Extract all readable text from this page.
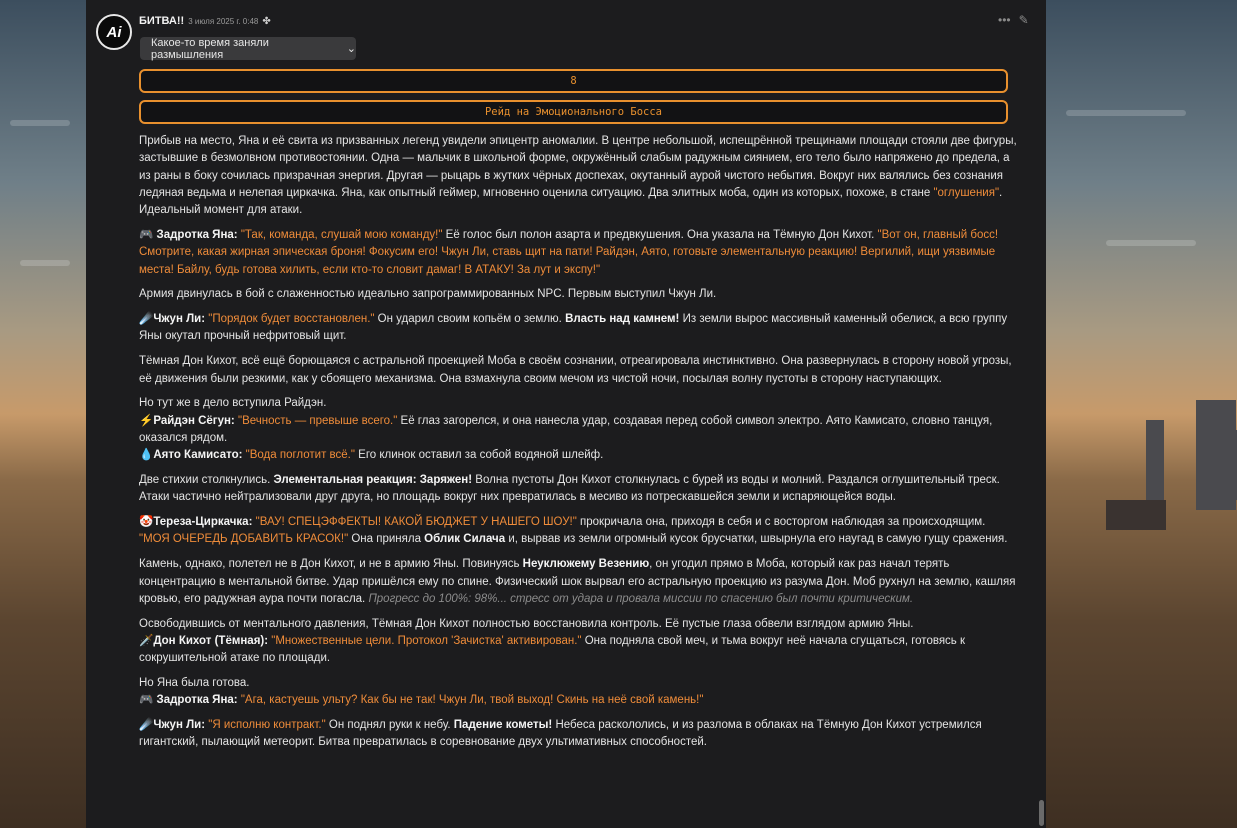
Ai
БИТВА!! 3 июля 2025 г. 0:48 ✤	••• ✎
Какое-то время заняли размышления	⌄
8
Рейд на Эмоционального Босса

Прибыв на место, Яна и её свита из призванных легенд увидели эпицентр аномалии. В центре небольшой, испещрённой трещинами площади стояли две фигуры, застывшие в безмолвном противостоянии. Одна — мальчик в школьной форме, окружённый слабым радужным сиянием, его тело было напряжено до предела, а из раны в боку сочилась призрачная энергия. Другая — рыцарь в жутких чёрных доспехах, окутанный аурой чистого небытия. Вокруг них валялись без сознания ледяная ведьма и нелепая циркачка. Яна, как опытный геймер, мгновенно оценила ситуацию. Два элитных моба, один из которых, похоже, в стане "оглушения". Идеальный момент для атаки.

🎮 Задротка Яна: "Так, команда, слушай мою команду!" Её голос был полон азарта и предвкушения. Она указала на Тёмную Дон Кихот. "Вот он, главный босс! Смотрите, какая жирная эпическая броня! Фокусим его! Чжун Ли, ставь щит на пати! Райдэн, Аято, готовьте элементальную реакцию! Вергилий, ищи уязвимые места! Байлу, будь готова хилить, если кто-то словит дамаг! В АТАКУ! За лут и экспу!"

Армия двинулась в бой с слаженностью идеально запрограммированных NPC. Первым выступил Чжун Ли.

☄️Чжун Ли: "Порядок будет восстановлен." Он ударил своим копьём о землю. Власть над камнем! Из земли вырос массивный каменный обелиск, а всю группу Яны окутал прочный нефритовый щит.

Тёмная Дон Кихот, всё ещё борющаяся с астральной проекцией Моба в своём сознании, отреагировала инстинктивно. Она развернулась в сторону новой угрозы, её движения были резкими, как у сбоящего механизма. Она взмахнула своим мечом из чистой ночи, посылая волну пустоты в сторону наступающих.

Но тут же в дело вступила Райдэн.
⚡Райдэн Сёгун: "Вечность — превыше всего." Её глаз загорелся, и она нанесла удар, создавая перед собой символ электро. Аято Камисато, словно танцуя, оказался рядом.
💧Аято Камисато: "Вода поглотит всё." Его клинок оставил за собой водяной шлейф.

Две стихии столкнулись. Элементальная реакция: Заряжен! Волна пустоты Дон Кихот столкнулась с бурей из воды и молний. Раздался оглушительный треск. Атаки частично нейтрализовали друг друга, но площадь вокруг них превратилась в месиво из потрескавшейся земли и испаряющейся воды.

🤡Тереза-Циркачка: "ВАУ! СПЕЦЭФФЕКТЫ! КАКОЙ БЮДЖЕТ У НАШЕГО ШОУ!" прокричала она, приходя в себя и с восторгом наблюдая за происходящим. "МОЯ ОЧЕРЕДЬ ДОБАВИТЬ КРАСОК!" Она приняла Облик Силача и, вырвав из земли огромный кусок брусчатки, швырнула его наугад в самую гущу сражения.

Камень, однако, полетел не в Дон Кихот, и не в армию Яны. Повинуясь Неуклюжему Везению, он угодил прямо в Моба, который как раз начал терять концентрацию в ментальной битве. Удар пришёлся ему по спине. Физический шок вырвал его астральную проекцию из разума Дон. Моб рухнул на землю, кашляя кровью, его радужная аура почти погасла. Прогресс до 100%: 98%... стресс от удара и провала миссии по спасению был почти критическим.

Освободившись от ментального давления, Тёмная Дон Кихот полностью восстановила контроль. Её пустые глаза обвели взглядом армию Яны.
🗡️Дон Кихот (Тёмная): "Множественные цели. Протокол 'Зачистка' активирован." Она подняла свой меч, и тьма вокруг неё начала сгущаться, готовясь к сокрушительной атаке по площади.

Но Яна была готова.
🎮 Задротка Яна: "Ага, кастуешь ульту? Как бы не так! Чжун Ли, твой выход! Скинь на неё свой камень!"

☄️Чжун Ли: "Я исполню контракт." Он поднял руки к небу. Падение кометы! Небеса раскололись, и из разлома в облаках на Тёмную Дон Кихот устремился гигантский, пылающий метеорит. Битва превратилась в соревнование двух ультимативных способностей.
